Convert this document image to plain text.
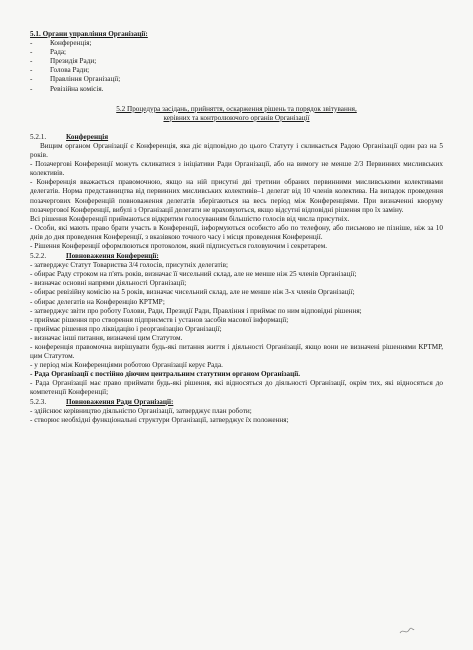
5.1. Органи управління Організації:

- Конференція;

- Рада;

- Президія Ради;

- Голова Ради;

- Правління Організації;

- Ревізійна комісія.

5.2 Процедура засідань, прийняття, оскарження рішень та порядок звітування,

керівних та контролюючого органів Організації

5.2.1.	Конференція

Вищим органом Організації є Конференція, яка діє відповідно до цього Статуту і скликається Радою Організації один раз на 5 років.

- Позачергові Конференції можуть скликатися з ініціативи Ради Організації, або на вимогу не менше 2/3 Первинних мисливських колективів.

- Конференція вважається правомочною, якщо на ній присутні дві третини обраних первинними мисливськими колективами делегатів. Норма представництва від первинних мисливських колективів–1 делегат від 10 членів колектива. На випадок проведення позачергових Конференцій повноваження делегатів зберігаються на весь період між Конференціями. При визначенні кворуму позачергової Конференції, вибулі з Організації делегати не враховуються, якщо відсутні відповідні рішення про їх заміну.

Всі рішення Конференції приймаються відкритим голосуванням більшістю голосів від числа присутніх.

- Особи, які мають право брати участь в Конференції, інформуються особисто або по телефону, або письмово не пізніше, ніж за 10 днів до дня проведення Конференції, з вказівкою точного часу і місця проведення Конференції.

- Рішення Конференції оформлюються протоколом, який підписується головуючим і секретарем.

5.2.2.	Повноваження Конференції:

- затверджує Статут Товариства 3/4 голосів, присутніх делегатів;

- обирає Раду строком на п'ять років, визначає її чисельний склад, але не менше ніж 25 членів Організації;

- визначає основні напрями діяльності Організації;

- обирає ревізійну комісію на 5 років, визначає чисельний склад, але не менше ніж 3-х членів Організації;

- обирає делегатів на Конференцію КРТМР;

- затверджує звіти про роботу Голови, Ради, Президії Ради, Правління і приймає по ним відповідні рішення;

- приймає рішення про створення підприємств і установ засобів масової інформації;

- приймає рішення про ліквідацію і реорганізацію Організації;

- визначає інші питання, визначені цим Статутом.

- конференція правомочна вирішувати будь-які питання життя і діяльності Організації, якщо вони не визначені рішеннями КРТМР, цим Статутом.

- у період між Конференціями роботою Організації керує Рада.

- Рада Організації є постійно діючим центральним статутним органом Організації.

- Рада Організації має право приймати будь-які рішення, які відносяться до діяльності Організації, окрім тих, які відносяться до компетенції Конференції;

5.2.3.	Повноваження Ради Організації:

- здійснює керівництво діяльністю Організації, затверджує план роботи;

- створює необхідні функціональні структури Організації, затверджує їх положення;
